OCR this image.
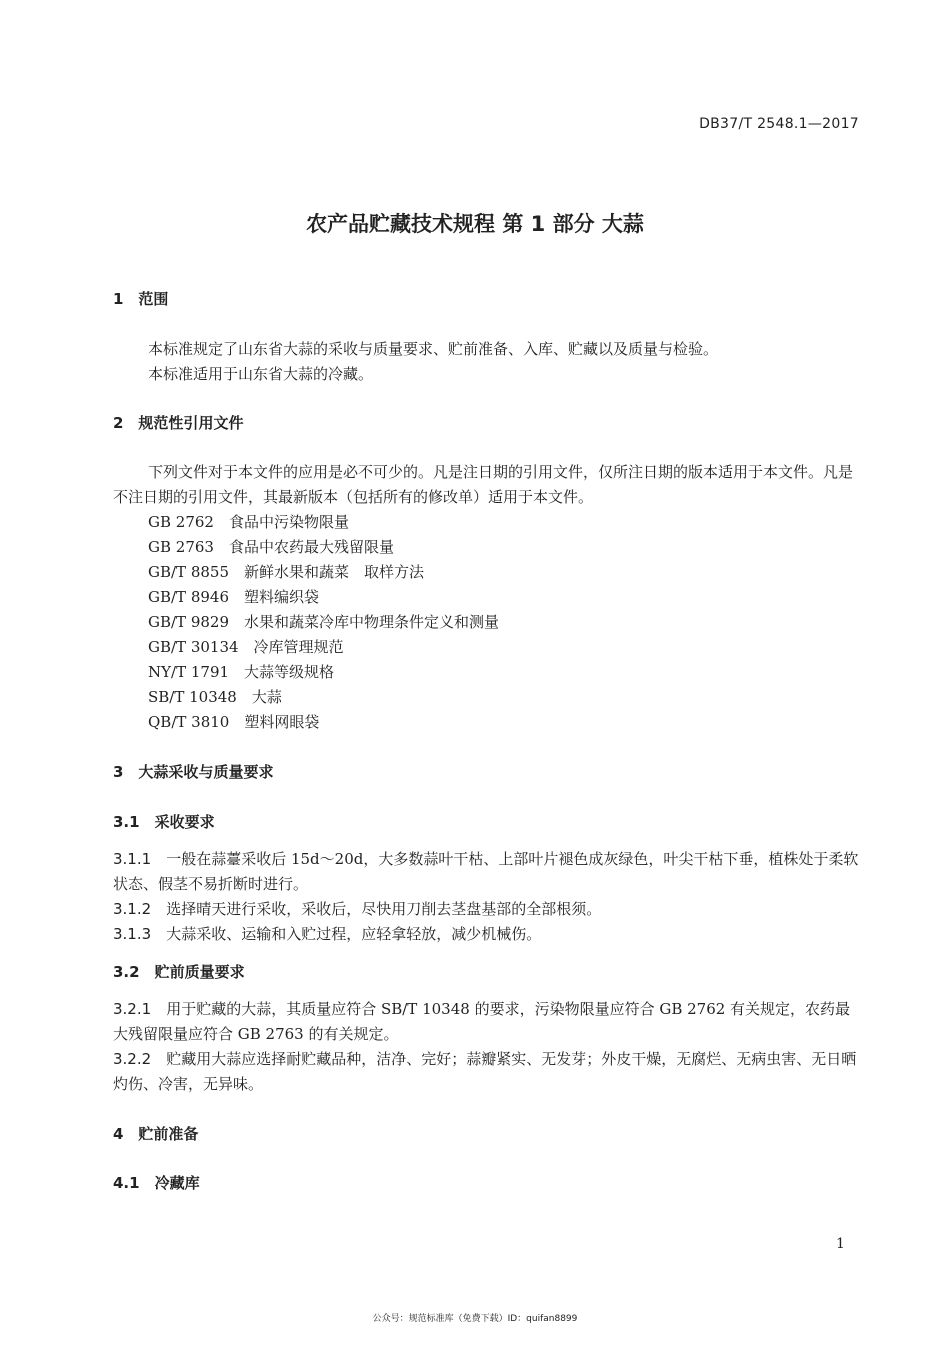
DB37/T 2548.1—2017
农产品贮藏技术规程 第 1 部分 大蒜
1　范围
本标准规定了山东省大蒜的采收与质量要求、贮前准备、入库、贮藏以及质量与检验。
本标准适用于山东省大蒜的冷藏。
2　规范性引用文件
下列文件对于本文件的应用是必不可少的。凡是注日期的引用文件，仅所注日期的版本适用于本文件。凡是不注日期的引用文件，其最新版本（包括所有的修改单）适用于本文件。
GB 2762　食品中污染物限量
GB 2763　食品中农药最大残留限量
GB/T 8855　新鲜水果和蔬菜　取样方法
GB/T 8946　塑料编织袋
GB/T 9829　水果和蔬菜冷库中物理条件定义和测量
GB/T 30134　冷库管理规范
NY/T 1791　大蒜等级规格
SB/T 10348　大蒜
QB/T 3810　塑料网眼袋
3　大蒜采收与质量要求
3.1　采收要求
3.1.1　 一般在蒜薹采收后 15d～20d，大多数蒜叶干枯、上部叶片褪色成灰绿色，叶尖干枯下垂，植株处于柔软状态、假茎不易折断时进行。
3.1.2　 选择晴天进行采收，采收后，尽快用刀削去茎盘基部的全部根须。
3.1.3　 大蒜采收、运输和入贮过程，应轻拿轻放，减少机械伤。
3.2　贮前质量要求
3.2.1　 用于贮藏的大蒜，其质量应符合 SB/T 10348 的要求，污染物限量应符合 GB 2762 有关规定，农药最大残留限量应符合 GB 2763 的有关规定。
3.2.2　 贮藏用大蒜应选择耐贮藏品种，洁净、完好；蒜瓣紧实、无发芽；外皮干燥，无腐烂、无病虫害、无日晒灼伤、冷害，无异味。
4　贮前准备
4.1　冷藏库
1
公众号：规范标准库（免费下载）ID：quifan8899
